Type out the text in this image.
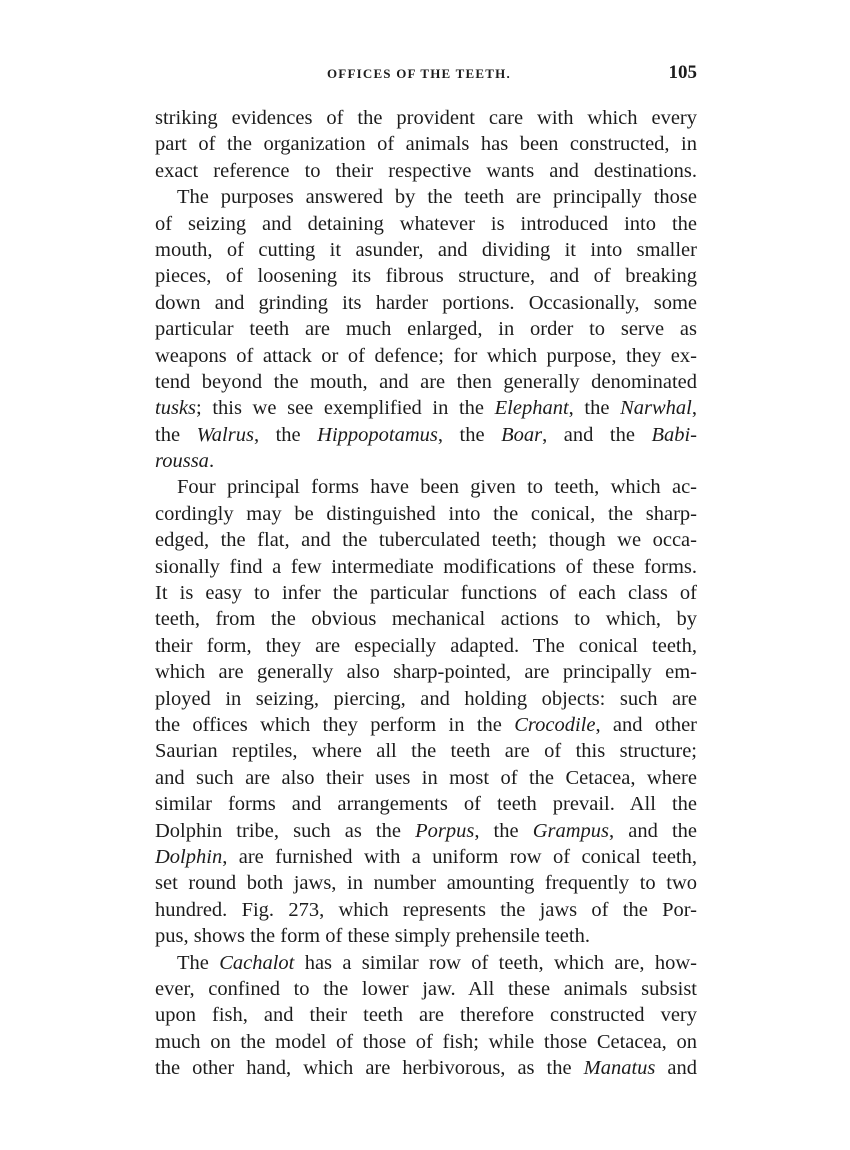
OFFICES OF THE TEETH.	105
striking evidences of the provident care with which every
part of the organization of animals has been constructed, in
exact reference to their respective wants and destinations.
The purposes answered by the teeth are principally those
of seizing and detaining whatever is introduced into the
mouth, of cutting it asunder, and dividing it into smaller
pieces, of loosening its fibrous structure, and of breaking
down and grinding its harder portions. Occasionally, some
particular teeth are much enlarged, in order to serve as
weapons of attack or of defence; for which purpose, they ex-
tend beyond the mouth, and are then generally denominated
tusks; this we see exemplified in the Elephant, the Narwhal,
the Walrus, the Hippopotamus, the Boar, and the Babi-
roussa.
Four principal forms have been given to teeth, which ac-
cordingly may be distinguished into the conical, the sharp-
edged, the flat, and the tuberculated teeth; though we occa-
sionally find a few intermediate modifications of these forms.
It is easy to infer the particular functions of each class of
teeth, from the obvious mechanical actions to which, by
their form, they are especially adapted. The conical teeth,
which are generally also sharp-pointed, are principally em-
ployed in seizing, piercing, and holding objects: such are
the offices which they perform in the Crocodile, and other
Saurian reptiles, where all the teeth are of this structure;
and such are also their uses in most of the Cetacea, where
similar forms and arrangements of teeth prevail. All the
Dolphin tribe, such as the Porpus, the Grampus, and the
Dolphin, are furnished with a uniform row of conical teeth,
set round both jaws, in number amounting frequently to two
hundred. Fig. 273, which represents the jaws of the Por-
pus, shows the form of these simply prehensile teeth.
The Cachalot has a similar row of teeth, which are, how-
ever, confined to the lower jaw. All these animals subsist
upon fish, and their teeth are therefore constructed very
much on the model of those of fish; while those Cetacea, on
the other hand, which are herbivorous, as the Manatus and
